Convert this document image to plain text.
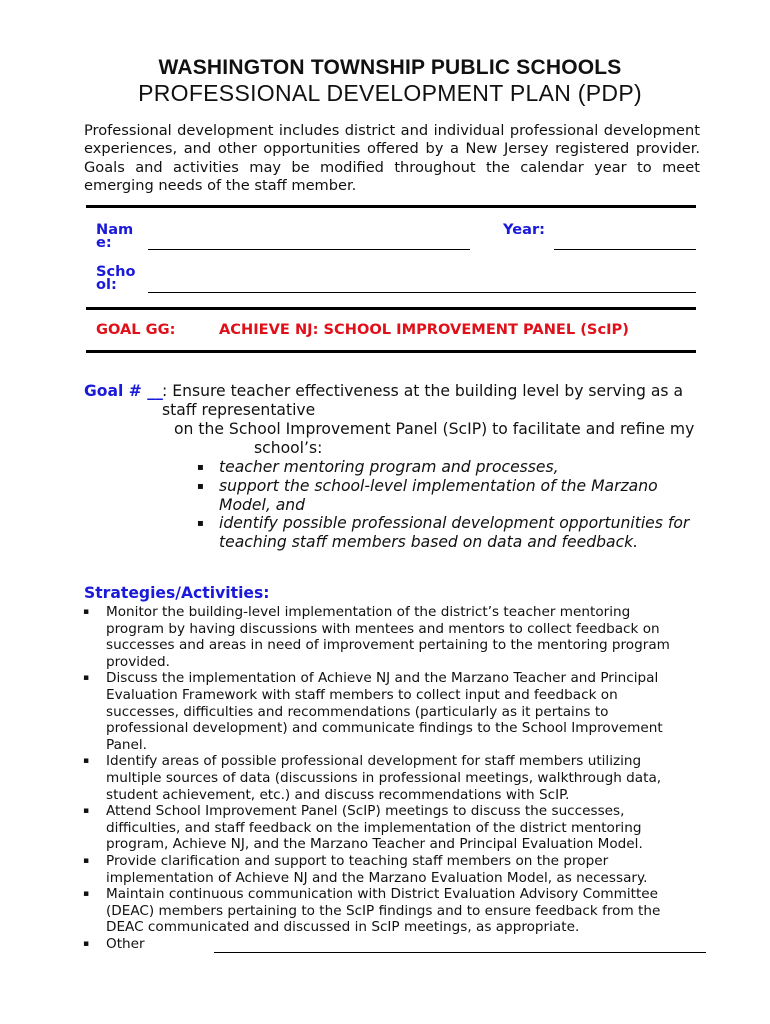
WASHINGTON TOWNSHIP PUBLIC SCHOOLS
PROFESSIONAL DEVELOPMENT PLAN (PDP)
Professional development includes district and individual professional development experiences, and other opportunities offered by a New Jersey registered provider. Goals and activities may be modified throughout the calendar year to meet emerging needs of the staff member.
Nam
e:
Year:
Scho
ol:
GOAL GG:	ACHIEVE NJ: SCHOOL IMPROVEMENT PANEL (ScIP)
Goal # __ : Ensure teacher effectiveness at the building level by serving as a
staff representative
on the School Improvement Panel (ScIP) to facilitate and refine my
school’s:
▪ teacher mentoring program and processes,
▪ support the school-level implementation of the Marzano
Model, and
▪ identify possible professional development opportunities for
teaching staff members based on data and feedback.
Strategies/Activities:
▪ Monitor the building-level implementation of the district’s teacher mentoring program by having discussions with mentees and mentors to collect feedback on successes and areas in need of improvement pertaining to the mentoring program provided.
▪ Discuss the implementation of Achieve NJ and the Marzano Teacher and Principal Evaluation Framework with staff members to collect input and feedback on successes, difficulties and recommendations (particularly as it pertains to professional development) and communicate findings to the School Improvement Panel.
▪ Identify areas of possible professional development for staff members utilizing multiple sources of data (discussions in professional meetings, walkthrough data, student achievement, etc.) and discuss recommendations with ScIP.
▪ Attend School Improvement Panel (ScIP) meetings to discuss the successes, difficulties, and staff feedback on the implementation of the district mentoring program, Achieve NJ, and the Marzano Teacher and Principal Evaluation Model.
▪ Provide clarification and support to teaching staff members on the proper implementation of Achieve NJ and the Marzano Evaluation Model, as necessary.
▪ Maintain continuous communication with District Evaluation Advisory Committee (DEAC) members pertaining to the ScIP findings and to ensure feedback from the DEAC communicated and discussed in ScIP meetings, as appropriate.
▪ Other
